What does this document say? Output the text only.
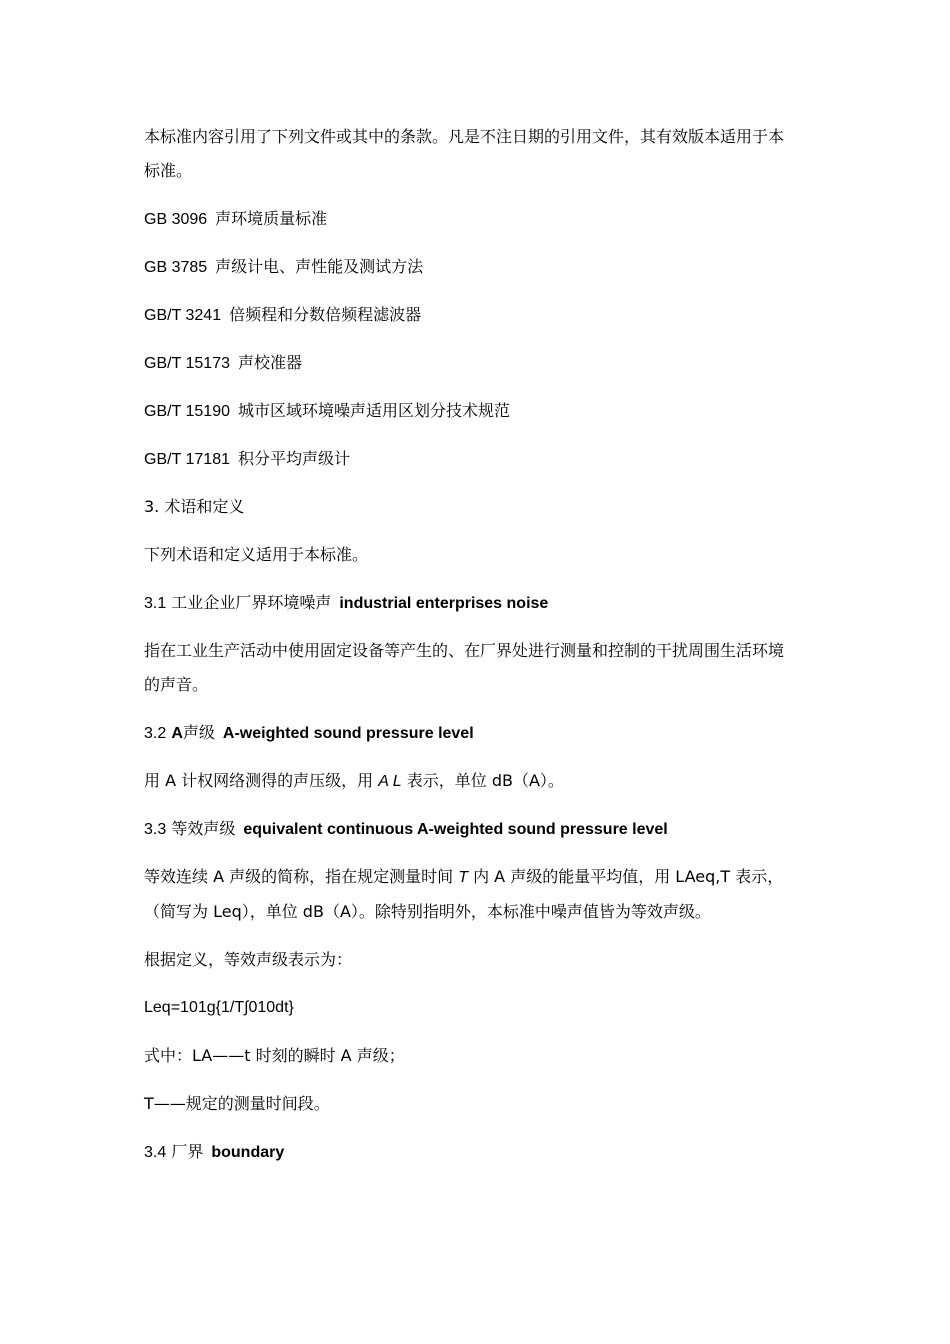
本标准内容引用了下列文件或其中的条款。凡是不注日期的引用文件，其有效版本适用于本
标准。
GB 3096 声环境质量标准
GB 3785 声级计电、声性能及测试方法
GB/T 3241 倍频程和分数倍频程滤波器
GB/T 15173 声校准器
GB/T 15190 城市区域环境噪声适用区划分技术规范
GB/T 17181 积分平均声级计
3. 术语和定义
下列术语和定义适用于本标准。
3.1 工业企业厂界环境噪声 industrial enterprises noise
指在工业生产活动中使用固定设备等产生的、在厂界处进行测量和控制的干扰周围生活环境
的声音。
3.2 A声级 A-weighted sound pressure level
用 A 计权网络测得的声压级，用 A L 表示，单位 dB（A）。
3.3 等效声级 equivalent continuous A-weighted sound pressure level
等效连续 A 声级的简称，指在规定测量时间 T 内 A 声级的能量平均值，用 LAeq,T 表示，
（简写为 Leq），单位 dB（A）。除特别指明外，本标准中噪声值皆为等效声级。
根据定义，等效声级表示为：
Leq=101g{1/T∫010dt}
式中：LA——t 时刻的瞬时 A 声级；
T——规定的测量时间段。
3.4 厂界 boundary
